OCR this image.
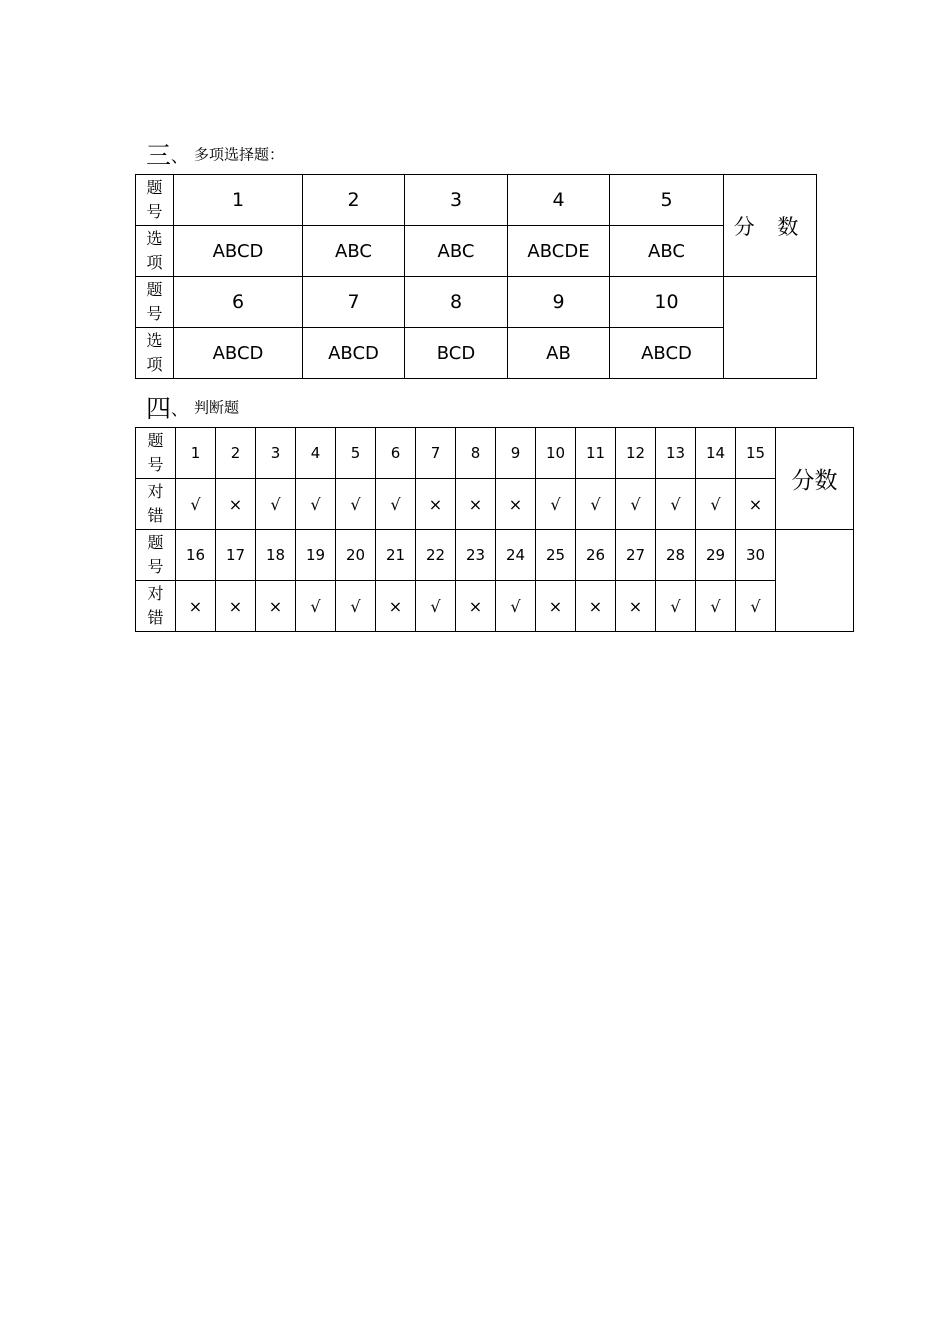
三、 多项选择题：
题
号	1	2	3	4	5	分 数

选
项	ABCD	ABC	ABC	ABCDE	ABC	

题
号	6	7	8	9	10	

选
项	ABCD	ABCD	BCD	AB	ABCD	
四、 判断题
题
号	1	2	3	4	5	6	7	8	9	10	11	12	13	14	15	分数

对
错	√	×	√	√	√	√	×	×	×	√	√	√	√	√	×	

题
号	16	17	18	19	20	21	22	23	24	25	26	27	28	29	30	

对
错	×	×	×	√	√	×	√	×	√	×	×	×	√	√	√	
